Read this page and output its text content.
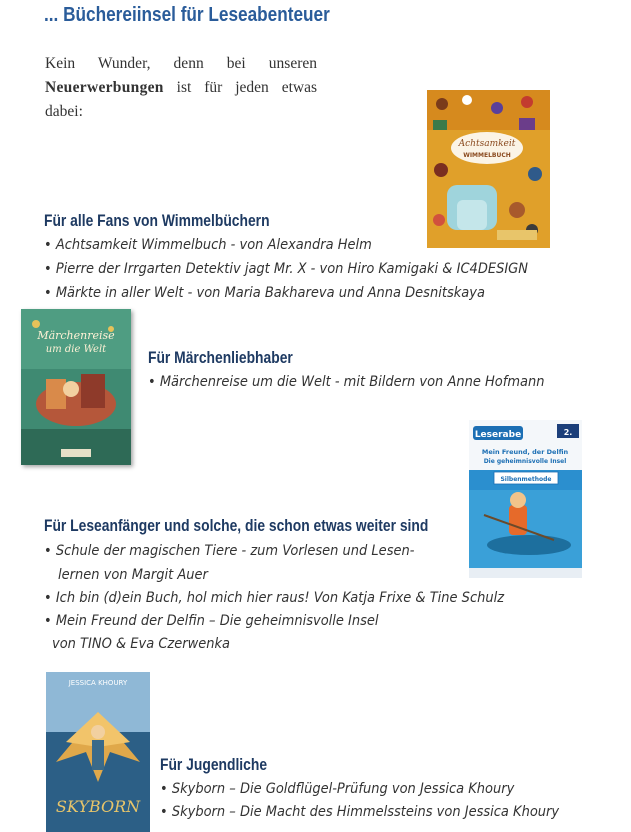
... Büchereiinsel für Leseabenteuer
Kein Wunder, denn bei unseren Neuerwerbungen ist für jeden etwas dabei:
Achtsamkeit
WIMMELBUCH
Für alle Fans von Wimmelbüchern
• Achtsamkeit Wimmelbuch - von Alexandra Helm
• Pierre der Irrgarten Detektiv jagt Mr. X - von Hiro Kamigaki & IC4DESIGN
• Märkte in aller Welt - von Maria Bakhareva und Anna Desnitskaya
Märchenreise
um die Welt	Für Märchenliebhaber
• Märchenreise um die Welt - mit Bildern von Anne Hofmann
Leserabe	2.
Mein Freund, der Delfin
Die geheimnisvolle Insel
Silbenmethode
Für Leseanfänger und solche, die schon etwas weiter sind
• Schule der magischen Tiere - zum Vorlesen und Lesen-
lernen von Margit Auer
• Ich bin (d)ein Buch, hol mich hier raus! Von Katja Frixe & Tine Schulz
• Mein Freund der Delfin – Die geheimnisvolle Insel
von TINO & Eva Czerwenka
JESSICA KHOURY
SKYBORN
Für Jugendliche
• Skyborn – Die Goldflügel-Prüfung von Jessica Khoury
• Skyborn – Die Macht des Himmelssteins von Jessica Khoury
